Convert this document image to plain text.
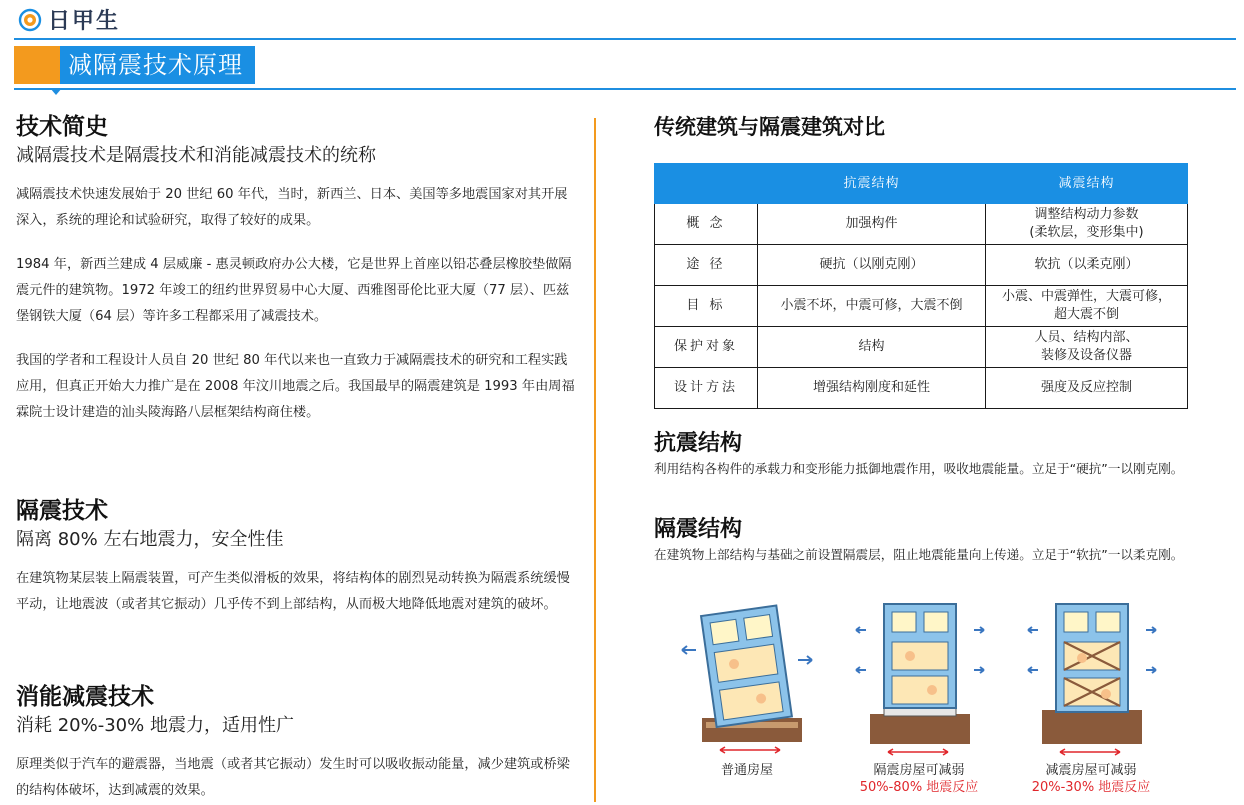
日甲生
减隔震技术原理
技术简史
减隔震技术是隔震技术和消能减震技术的统称

减隔震技术快速发展始于 20 世纪 60 年代，当时，新西兰、日本、美国等多地震国家对其开展深入，系统的理论和试验研究，取得了较好的成果。

1984 年，新西兰建成 4 层威廉 - 惠灵顿政府办公大楼，它是世界上首座以铅芯叠层橡胶垫做隔震元件的建筑物。1972 年竣工的纽约世界贸易中心大厦、西雅图哥伦比亚大厦（77 层）、匹兹堡钢铁大厦（64 层）等许多工程都采用了减震技术。

我国的学者和工程设计人员自 20 世纪 80 年代以来也一直致力于减隔震技术的研究和工程实践应用，但真正开始大力推广是在 2008 年汶川地震之后。我国最早的隔震建筑是 1993 年由周福霖院士设计建造的汕头陵海路八层框架结构商住楼。

隔震技术
隔离 80% 左右地震力，安全性佳

在建筑物某层装上隔震装置，可产生类似滑板的效果，将结构体的剧烈晃动转换为隔震系统缓慢平动，让地震波（或者其它振动）几乎传不到上部结构，从而极大地降低地震对建筑的破坏。

消能减震技术
消耗 20%-30% 地震力，适用性广

原理类似于汽车的避震器，当地震（或者其它振动）发生时可以吸收振动能量，减少建筑或桥梁的结构体破坏，达到减震的效果。

传统建筑与隔震建筑对比
	抗震结构	减震结构
概 念	加强构件	调整结构动力参数
(柔软层，变形集中)
途 径	硬抗（以刚克刚）	软抗（以柔克刚）
目 标	小震不坏，中震可修，大震不倒	小震、中震弹性，大震可修，
超大震不倒
保护对象	结构	人员、结构内部、
装修及设备仪器
设计方法	增强结构刚度和延性	强度及反应控制
抗震结构

利用结构各构件的承载力和变形能力抵御地震作用，吸收地震能量。立足于“硬抗”一以刚克刚。

隔震结构

在建筑物上部结构与基础之前设置隔震层，阻止地震能量向上传递。立足于“软抗”一以柔克刚。

普通房屋	隔震房屋可减弱
50%-80% 地震反应
减震房屋可减弱
20%-30% 地震反应
